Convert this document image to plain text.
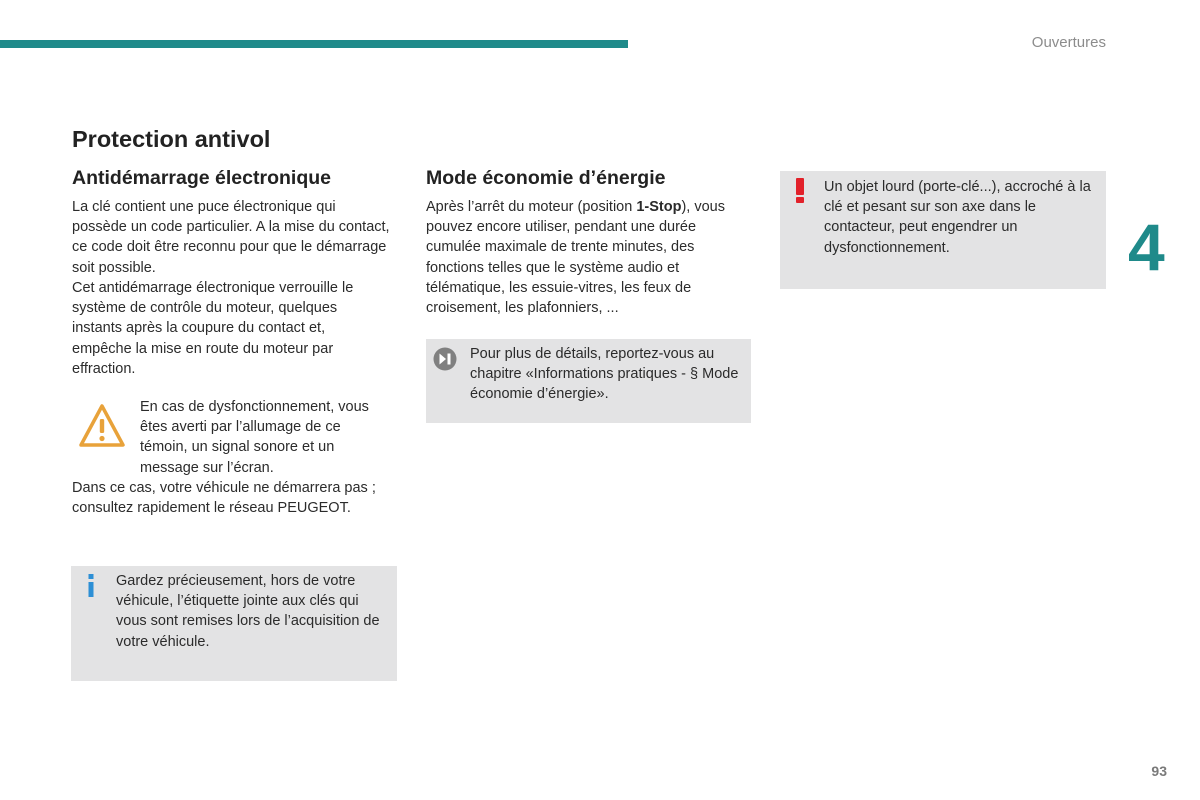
Ouvertures
4
Protection antivol
Antidémarrage électronique

La clé contient une puce électronique qui possède un code particulier. A la mise du contact, ce code doit être reconnu pour que le démarrage soit possible.

Cet antidémarrage électronique verrouille le système de contrôle du moteur, quelques instants après la coupure du contact et, empêche la mise en route du moteur par effraction.

En cas de dysfonctionnement, vous êtes averti par l’allumage de ce témoin, un signal sonore et un message sur l’écran.

Dans ce cas, votre véhicule ne démarrera pas ; consultez rapidement le réseau PEUGEOT.

Gardez précieusement, hors de votre véhicule, l’étiquette jointe aux clés qui vous sont remises lors de l’acquisition de votre véhicule.

Mode économie d’énergie

Après l’arrêt du moteur (position 1-Stop), vous pouvez encore utiliser, pendant une durée cumulée maximale de trente minutes, des fonctions telles que le système audio et télématique, les essuie-vitres, les feux de croisement, les plafonniers, ...

Pour plus de détails, reportez-vous au chapitre «Informations pratiques - § Mode économie d’énergie».

Un objet lourd (porte-clé...), accroché à la clé et pesant sur son axe dans le contacteur, peut engendrer un dysfonctionnement.

93
